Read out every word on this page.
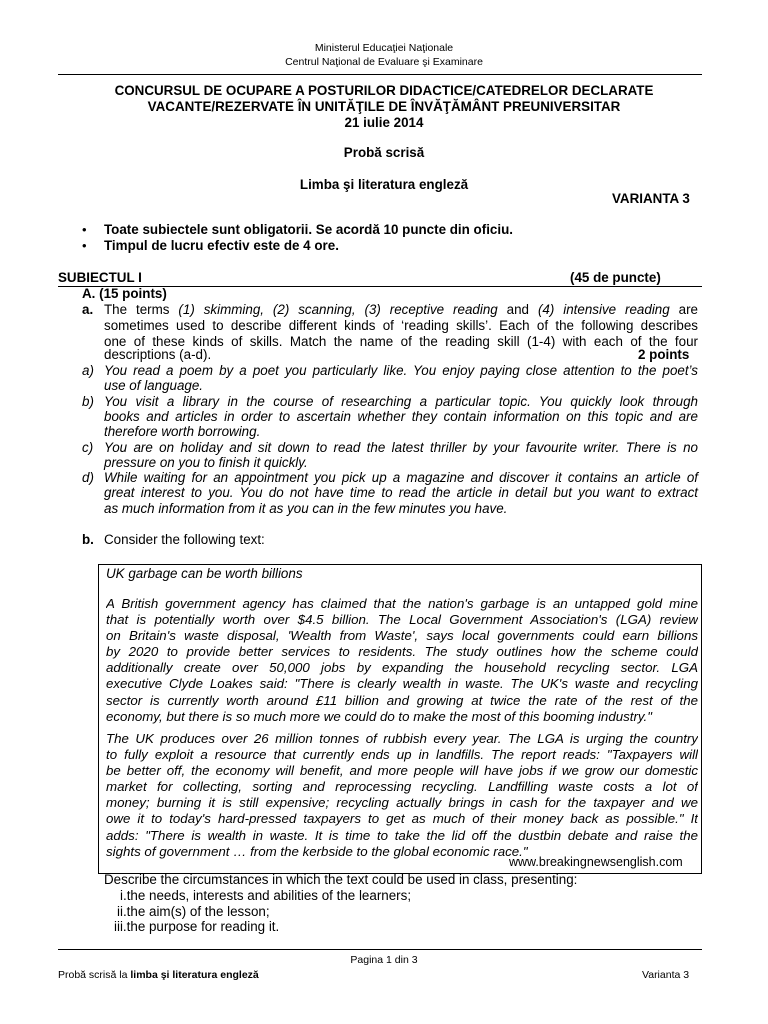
Ministerul Educaţiei Naţionale
Centrul Naţional de Evaluare şi Examinare
CONCURSUL DE OCUPARE A POSTURILOR DIDACTICE/CATEDRELOR DECLARATE
VACANTE/REZERVATE ÎN UNITĂŢILE DE ÎNVĂŢĂMÂNT PREUNIVERSITAR
21 iulie 2014
Probă scrisă
Limba şi literatura engleză
VARIANTA 3
• Toate subiectele sunt obligatorii. Se acordă 10 puncte din oficiu.
• Timpul de lucru efectiv este de 4 ore.
SUBIECTUL I	(45 de puncte)
A. (15 points)
a. The terms (1) skimming, (2) scanning, (3) receptive reading and (4) intensive reading are
sometimes used to describe different kinds of ‘reading skills’. Each of the following describes
one of these kinds of skills. Match the name of the reading skill (1-4) with each of the four
descriptions (a-d).	2 points
a) You read a poem by a poet you particularly like. You enjoy paying close attention to the poet’s
use of language.
b) You visit a library in the course of researching a particular topic. You quickly look through
books and articles in order to ascertain whether they contain information on this topic and are
therefore worth borrowing.
c) You are on holiday and sit down to read the latest thriller by your favourite writer. There is no
pressure on you to finish it quickly.
d) While waiting for an appointment you pick up a magazine and discover it contains an article of
great interest to you. You do not have time to read the article in detail but you want to extract
as much information from it as you can in the few minutes you have.
b. Consider the following text:
UK garbage can be worth billions
A British government agency has claimed that the nation's garbage is an untapped gold mine
that is potentially worth over $4.5 billion. The Local Government Association's (LGA) review
on Britain's waste disposal, 'Wealth from Waste', says local governments could earn billions
by 2020 to provide better services to residents. The study outlines how the scheme could
additionally create over 50,000 jobs by expanding the household recycling sector. LGA
executive Clyde Loakes said: "There is clearly wealth in waste. The UK's waste and recycling
sector is currently worth around £11 billion and growing at twice the rate of the rest of the
economy, but there is so much more we could do to make the most of this booming industry."
The UK produces over 26 million tonnes of rubbish every year. The LGA is urging the country
to fully exploit a resource that currently ends up in landfills. The report reads: "Taxpayers will
be better off, the economy will benefit, and more people will have jobs if we grow our domestic
market for collecting, sorting and reprocessing recycling. Landfilling waste costs a lot of
money; burning it is still expensive; recycling actually brings in cash for the taxpayer and we
owe it to today's hard-pressed taxpayers to get as much of their money back as possible." It
adds: "There is wealth in waste. It is time to take the lid off the dustbin debate and raise the
sights of government … from the kerbside to the global economic race."
www.breakingnewsenglish.com
Describe the circumstances in which the text could be used in class, presenting:
i.the needs, interests and abilities of the learners;
ii.the aim(s) of the lesson;
iii.the purpose for reading it.
Pagina 1 din 3
Probă scrisă la limba şi literatura engleză	Varianta 3
